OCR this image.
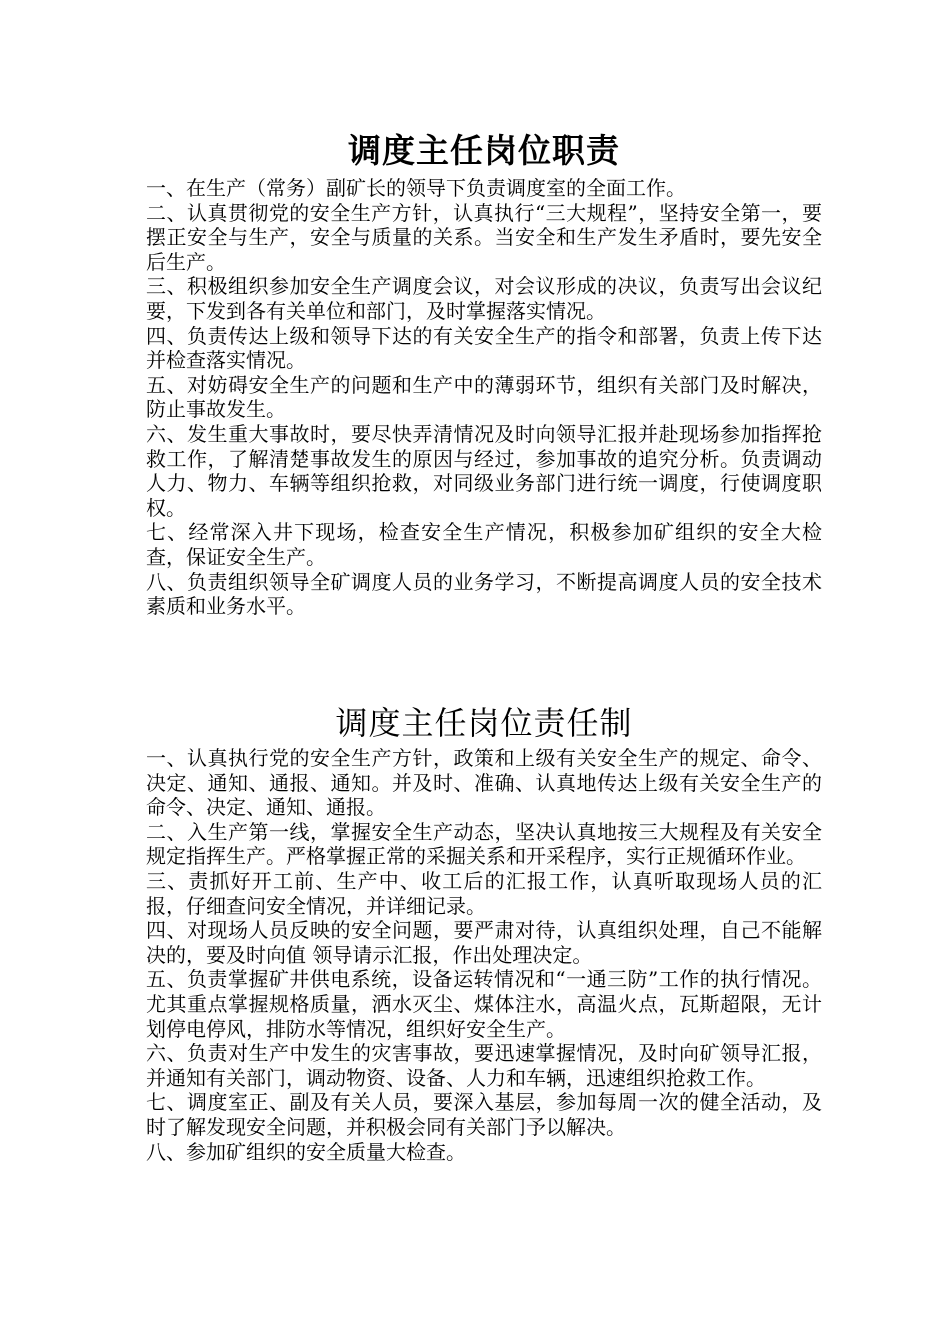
调度主任岗位职责

一、在生产（常务）副矿长的领导下负责调度室的全面工作。

二、认真贯彻党的安全生产方针，认真执行“三大规程”，坚持安全第一，要摆正安全与生产，安全与质量的关系。当安全和生产发生矛盾时，要先安全后生产。

三、积极组织参加安全生产调度会议，对会议形成的决议，负责写出会议纪要，下发到各有关单位和部门，及时掌握落实情况。

四、负责传达上级和领导下达的有关安全生产的指令和部署，负责上传下达并检查落实情况。

五、对妨碍安全生产的问题和生产中的薄弱环节，组织有关部门及时解决，防止事故发生。

六、发生重大事故时，要尽快弄清情况及时向领导汇报并赴现场参加指挥抢救工作，了解清楚事故发生的原因与经过，参加事故的追究分析。负责调动人力、物力、车辆等组织抢救，对同级业务部门进行统一调度，行使调度职权。

七、经常深入井下现场，检查安全生产情况，积极参加矿组织的安全大检查，保证安全生产。

八、负责组织领导全矿调度人员的业务学习，不断提高调度人员的安全技术素质和业务水平。

调度主任岗位责任制

一、认真执行党的安全生产方针，政策和上级有关安全生产的规定、命令、决定、通知、通报、通知。并及时、准确、认真地传达上级有关安全生产的命令、决定、通知、通报。

二、入生产第一线，掌握安全生产动态，坚决认真地按三大规程及有关安全规定指挥生产。严格掌握正常的采掘关系和开采程序，实行正规循环作业。

三、责抓好开工前、生产中、收工后的汇报工作，认真听取现场人员的汇报，仔细查问安全情况，并详细记录。

四、对现场人员反映的安全问题，要严肃对待，认真组织处理，自己不能解决的，要及时向值 领导请示汇报，作出处理决定。

五、负责掌握矿井供电系统，设备运转情况和“一通三防”工作的执行情况。尤其重点掌握规格质量，洒水灭尘、煤体注水，高温火点，瓦斯超限，无计划停电停风，排防水等情况，组织好安全生产。

六、负责对生产中发生的灾害事故，要迅速掌握情况，及时向矿领导汇报，并通知有关部门，调动物资、设备、人力和车辆，迅速组织抢救工作。

七、调度室正、副及有关人员，要深入基层，参加每周一次的健全活动，及时了解发现安全问题，并积极会同有关部门予以解决。

八、参加矿组织的安全质量大检查。
